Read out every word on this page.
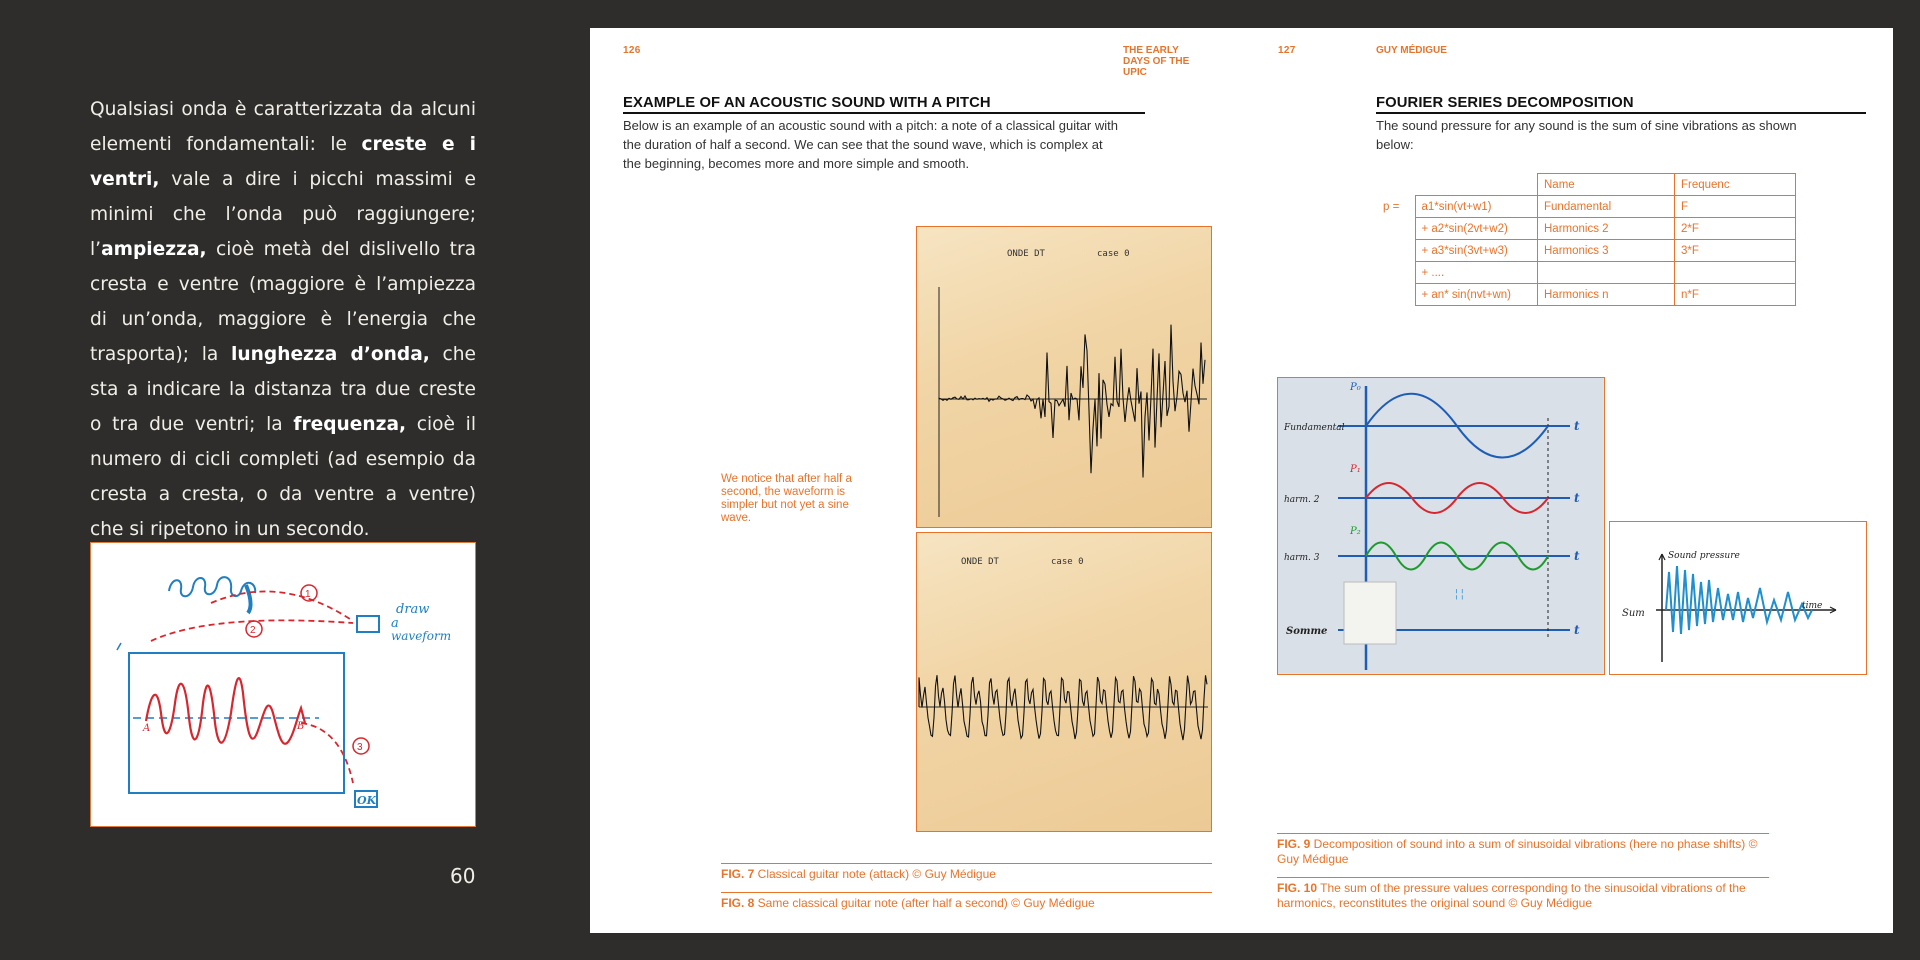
Qualsiasi onda è caratterizzata da alcuni elementi fondamentali: le creste e i ventri, vale a dire i picchi massimi e minimi che l’onda può raggiungere; l’ampiezza, cioè metà del dislivello tra cresta e ventre (maggiore è l’ampiezza di un’onda, maggiore è l’energia che trasporta); la lunghezza d’onda, che sta a indicare la distanza tra due creste o tra due ventri; la frequenza, cioè il numero di cicli completi (ad esempio da cresta a cresta, o da ventre a ventre) che si ripetono in un secondo.
1
2
3
draw
a
waveform
A	B
OK
60
126	THE EARLY
DAYS OF THE
UPIC
EXAMPLE OF AN ACOUSTIC SOUND WITH A PITCH
Below is an example of an acoustic sound with a pitch: a note of a classical guitar with the duration of half a second. We can see that the sound wave, which is complex at the beginning, becomes more and more simple and smooth.
We notice that after half a second, the waveform is simpler but not yet a sine wave.
ONDE DT	case 0
ONDE DT	case 0
FIG. 7 Classical guitar note (attack) © Guy Médigue
FIG. 8 Same classical guitar note (after half a second) © Guy Médigue
127	GUY MÉDIGUE
FOURIER SERIES DECOMPOSITION
The sound pressure for any sound is the sum of sine vibrations as shown below:
		Name	Frequenc
p =	a1*sin(vt+w1)	Fundamental	F
	+ a2*sin(2vt+w2)	Harmonics 2	2*F
	+ a3*sin(3vt+w3)	Harmonics 3	3*F
	+ ....		
	+ an* sin(nvt+wn)	Harmonics n	n*F
¦ ¦
Fundamental
harm. 2
harm. 3
Somme
P₀
P₁
P₂
t
t
t
t
Sound pressure
time
Sum
FIG. 9 Decomposition of sound into a sum of sinusoidal vibrations (here no phase shifts) © Guy Médigue
FIG. 10 The sum of the pressure values corresponding to the sinusoidal vibrations of the harmonics, reconstitutes the original sound © Guy Médigue
